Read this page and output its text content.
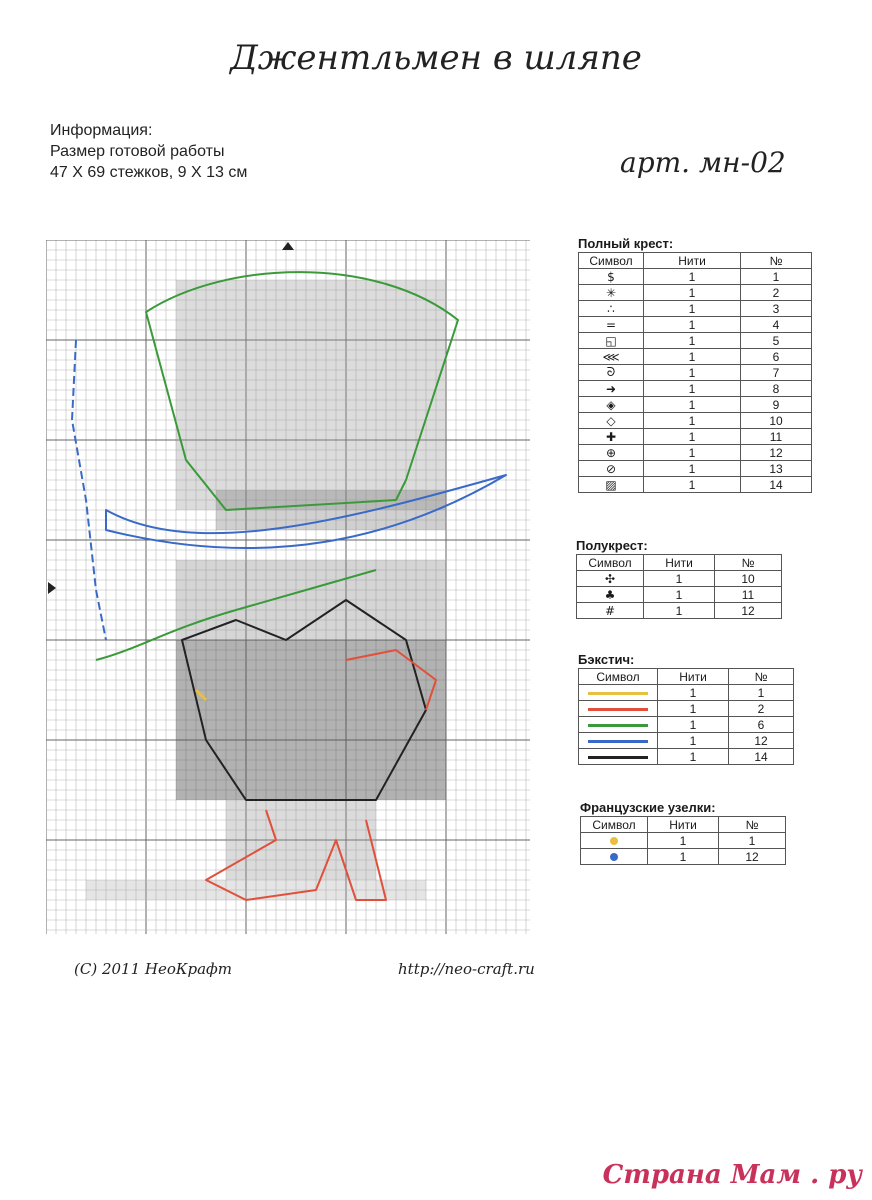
Джентльмен в шляпе
Информация:
Размер готовой работы
47 X 69 стежков, 9 X 13 см	арт. мн-02
Полный крест:
Символ	Нити	№
$	1	1
✳	1	2
∴	1	3
=	1	4
◱	1	5
⋘	1	6
ᘐ	1	7
➜	1	8
◈	1	9
◇	1	10
✚	1	11
⊕	1	12
⊘	1	13
▨	1	14
Полукрест:
Символ	Нити	№
✣	1	10
♣	1	11
#	1	12
Бэкстич:
Символ	Нити	№
	1	1
	1	2
	1	6
	1	12
	1	14
Французские узелки:
Символ	Нити	№
	1	1
	1	12
(С) 2011 НеоКрафт	http://neo-craft.ru
Страна Мам . ру
